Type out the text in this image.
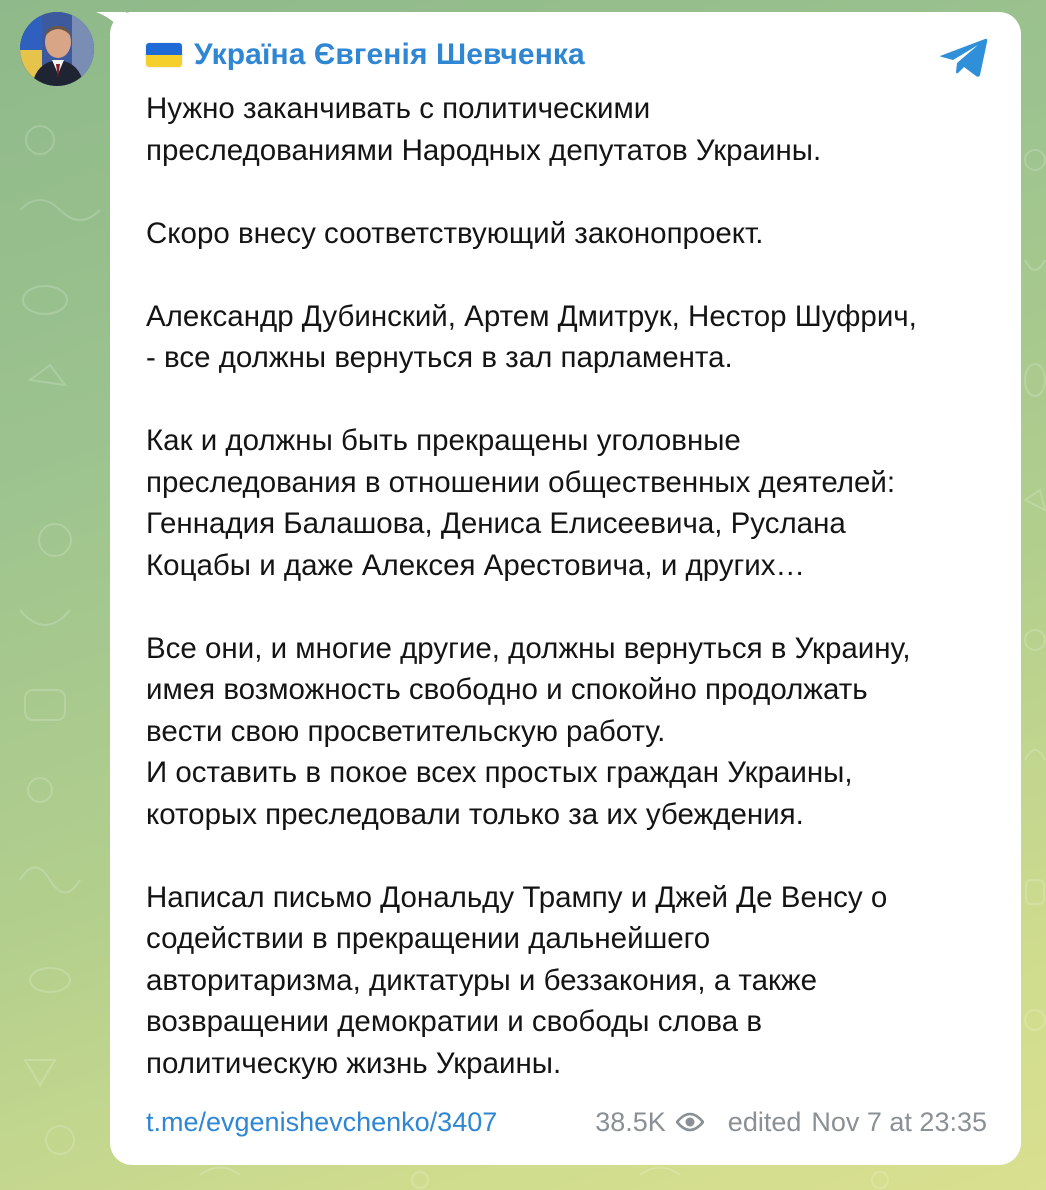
Україна Євгенія Шевченка
Нужно заканчивать с политическими
преследованиями Народных депутатов Украины.

Скоро внесу соответствующий законопроект.

Александр Дубинский, Артем Дмитрук, Нестор Шуфрич,
- все должны вернуться в зал парламента.

Как и должны быть прекращены уголовные
преследования в отношении общественных деятелей:
Геннадия Балашова, Дениса Елисеевича, Руслана
Коцабы и даже Алексея Арестовича, и других…

Все они, и многие другие, должны вернуться в Украину,
имея возможность свободно и спокойно продолжать
вести свою просветительскую работу.
И оставить в покое всех простых граждан Украины,
которых преследовали только за их убеждения.

Написал письмо Дональду Трампу и Джей Де Венсу о
содействии в прекращении дальнейшего
авторитаризма, диктатуры и беззакония, а также
возвращении демократии и свободы слова в
политическую жизнь Украины.
t.me/evgenishevchenko/3407	38.5K edited Nov 7 at 23:35
